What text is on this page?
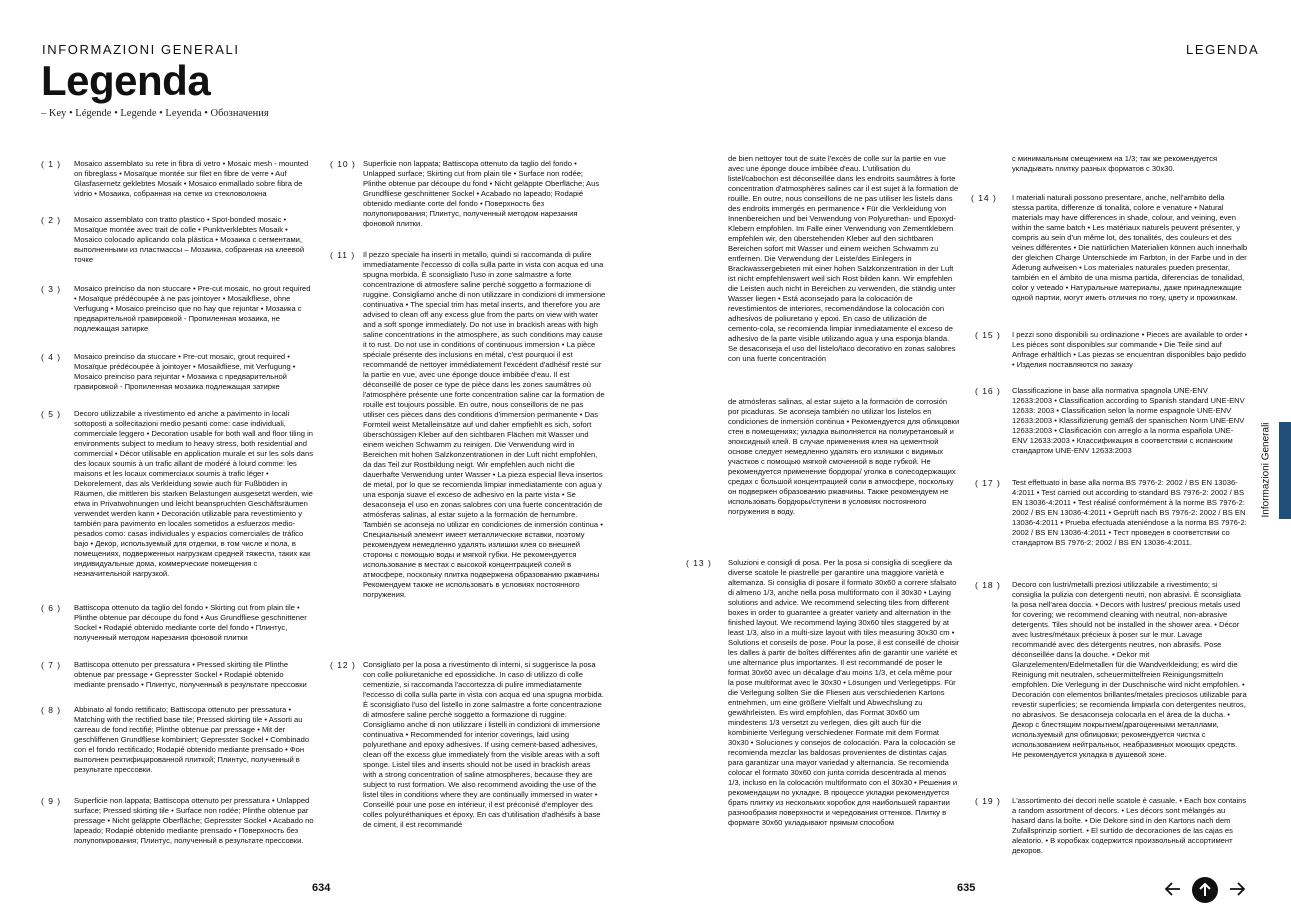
INFORMAZIONI GENERALI	LEGENDA
Legenda
– Key • Légende • Legende • Leyenda • Обозначения
( 1 ) Mosaico assemblato su rete in fibra di vetro • Mosaic mesh - mounted on fibreglass • Mosaïque montée sur filet en fibre de verre • Auf Glasfasernetz geklebtes Mosaik • Mosaico enmallado sobre fibra de vidrio • Мозаика, собранная на сетке из стекловолокна
( 2 ) Mosaico assemblato con tratto plastico • Spot-bonded mosaic • Mosaïque montée avec trait de colle • Punktverklebtes Mosaik • Mosaico colocado aplicando cola plástica • Мозаика с сегментами, выполненными из пластмассы – Мозаика, собранная на клеевой точке
( 3 ) Mosaico preinciso da non stuccare • Pre-cut mosaic, no grout required • Mosaïque prédécoupée à ne pas jointoyer • Mosaikfliese, ohne Verfugung • Mosaico preinciso que no hay que rejuntar • Мозаика с предварительной гравировкой - Пропиленная мозаика, не подлежащая затирке
( 4 ) Mosaico preinciso da stuccare • Pre-cut mosaic, grout required • Mosaïque prédécoupée à jointoyer • Mosaikfliese, mit Verfugung • Mosaico preinciso para rejuntar • Мозаика с предварительной гравировкой - Пропиленная мозаика подлежащая затирке
( 5 ) Decoro utilizzabile a rivestimento ed anche a pavimento in locali sottoposti a sollecitazioni medio pesanti come: case individuali, commerciale leggero • Decoration usable for both wall and floor tiling in environments subject to medium to heavy stress, both residential and commercial • Décor utilisable en application murale et sur les sols dans des locaux soumis à un trafic allant de modéré à lourd comme: les maisons et les locaux commerciaux soumis à trafic léger • Dekorelement, das als Verkleidung sowie auch für Fußböden in Räumen, die mittleren bis starken Belastungen ausgesetzt werden, wie etwa in Privatwohnungen und leicht beanspruchten Geschäftsräumen verwendet werden kann • Decoración utilizable para revestimiento y también para pavimento en locales sometidos a esfuerzos medio-pesados como: casas individuales y espacios comerciales de tráfico bajo • Декор, используемый для отделки, в том числе и пола, в помещениях, подверженных нагрузкам средней тяжести, таких как индивидуальные дома, коммерческие помещения с незначительной нагрузкой.
( 6 ) Battiscopa ottenuto da taglio del fondo • Skirting cut from plain tile • Plinthe obtenue par découpe du fond • Aus Grundfliese geschnittener Sockel • Rodapié obtenido mediante corte del fondo • Плинтус, полученный методом нарезания фоновой плитки
( 7 ) Battiscopa ottenuto per pressatura • Pressed skirting tile Plinthe obtenue par pressage • Gepresster Sockel • Rodapié obtenido mediante prensado • Плинтус, полученный в результате прессовки
( 8 ) Abbinato al fondo rettificato; Battiscopa ottenuto per pressatura • Matching with the rectified base tile; Pressed skirting tile • Assorti au carreau de fond rectifié; Plinthe obtenue par pressage • Mit der geschliffenen Grundfliese kombiniert; Gepresster Sockel • Combinado con el fondo rectificado; Rodapié obtenido mediante prensado • Фон выполнен ректифицированной плиткой; Плинтус, полученный в результате прессовки.
( 9 ) Superficie non lappata; Battiscopa ottenuto per pressatura • Unlapped surface; Pressed skirting tile • Surface non rodée; Plinthe obtenue par pressage • Nicht geläppte Oberfläche; Gepresster Sockel • Acabado no lapeado; Rodapié obtenido mediante prensado • Поверхность без полупопирования; Плинтус, полученный в результате прессовки.
( 10 ) Superficie non lappata; Battiscopa ottenuto da taglio del fondo • Unlapped surface; Skirting cut from plain tile • Surface non rodée; Plinthe obtenue par découpe du fond • Nicht geläppte Oberfläche; Aus Grundfliese geschnittener Sockel • Acabado no lapeado; Rodapié obtenido mediante corte del fondo • Поверхность без полупопирования; Плинтус, полученный методом нарезания фоновой плитки.
( 11 ) Il pezzo speciale ha inserti in metallo, quindi si raccomanda di pulire immediatamente l'eccesso di colla sulla parte in vista con acqua ed una spugna morbida. È sconsigliato l'uso in zone salmastre a forte concentrazione di atmosfere saline perchè soggetto a formazione di ruggine. Consigliamo anche di non utilizzare in condizioni di immersione continuativa • The special trim has metal inserts, and therefore you are advised to clean off any excess glue from the parts on view with water and a soft sponge immediately. Do not use in brackish areas with high saline concentrations in the atmosphere, as such conditions may cause it to rust. Do not use in conditions of continuous immersion • La pièce spéciale présente des inclusions en métal, c'est pourquoi il est recommandé de nettoyer immédiatement l'excédent d'adhésif resté sur la partie en vue, avec une éponge douce imbibée d'eau. Il est déconseillé de poser ce type de pièce dans les zones saumâtres où l'atmosphère présente une forte concentration saline car la formation de rouille est toujours possible. En outre, nous conseillons de ne pas utiliser ces pièces dans des conditions d'immersion permanente • Das Formteil weist Metalleinsätze auf und daher empfiehlt es sich, sofort überschüssigen Kleber auf den sichtbaren Flächen mit Wasser und einem weichen Schwamm zu reinigen. Die Verwendung wird in Bereichen mit hohen Salzkonzentrationen in der Luft nicht empfohlen, da das Teil zur Rostbildung neigt. Wir empfehlen auch nicht die dauerhafte Verwendung unter Wasser • La pieza especial lleva insertos de metal, por lo que se recomienda limpiar inmediatamente con agua y una esponja suave el exceso de adhesivo en la parte vista • Se desaconseja el uso en zonas salobres con una fuerte concentración de atmósferas salinas, al estar sujeto a la formación de herrumbre. También se aconseja no utilizar en condiciones de inmersión continua • Специальный элемент имеет металлические вставки, поэтому рекомендуем немедленно удалять излишки клея со внешней стороны с помощью воды и мягкой губки. Не рекомендуется использование в местах с высокой концентрацией солей в атмосфере, поскольку плитка подвержена образованию ржавчины Рекомендуем также не использовать в условиях постоянного погружения.
( 12 ) Consigliato per la posa a rivestimento di interni, si suggerisce la posa con colle poliuretaniche ed epossidiche. In caso di utilizzo di colle cementizie, si raccomanda l'accortezza di pulire immediatamente l'eccesso di colla sulla parte in vista con acqua ed una spugna morbida. È sconsigliato l'uso del listello in zone salmastre a forte concentrazione di atmosfere saline perchè soggetto a formazione di ruggine. Consigliamo anche di non utilizzare i listelli in condizioni di immersione continuativa • Recommended for interior coverings, laid using polyurethane and epoxy adhesives. If using cement-based adhesives, clean off the excess glue immediately from the visible areas with a soft sponge. Listel tiles and inserts should not be used in brackish areas with a strong concentration of saline atmospheres, because they are subject to rust formation. We also recommend avoiding the use of the listel tiles in conditions where they are continually immersed in water • Conseillé pour une pose en intérieur, il est préconisé d'employer des colles polyuréthaniques et époxy. En cas d'utilisation d'adhésifs à base de ciment, il est recommandé
de bien nettoyer tout de suite l'excès de colle sur la partie en vue avec une éponge douce imbibée d'eau. L'utilisation du listel/cabochon est déconseillée dans les endroits saumâtres à forte concentration d'atmosphères salines car il est sujet à la formation de rouille. En outre, nous conseillons de ne pas utiliser les listels dans des endroits immergés en permanence • Für die Verkleidung von Innenbereichen und bei Verwendung von Polyurethan- und Epoxyd-Klebern empfohlen. Im Falle einer Verwendung von Zementklebern empfehlen wir, den überstehenden Kleber auf den sichtbaren Bereichen sofort mit Wasser und einem weichen Schwamm zu entfernen. Die Verwendung der Leiste/des Einlegers in Brackwassergebieten mit einer hohen Salzkonzentration in der Luft ist nicht empfehlenswert weil sich Rost bilden kann. Wir empfehlen die Leisten auch nicht in Bereichen zu verwenden, die ständig unter Wasser liegen • Está aconsejado para la colocación de revestimientos de interiores, recomendándose la colocación con adhesivos de poliuretano y epoxi. En caso de utilización de cemento-cola, se recomienda limpiar inmediatamente el exceso de adhesivo de la parte visible utilizando agua y una esponja blanda. Se desaconseja el uso del listelo/taco decorativo en zonas salobres con una fuerte concentración
de atmósferas salinas, al estar sujeto a la formación de corrosión por picaduras. Se aconseja también no utilizar los listelos en condiciones de inmersión continua • Рекомендуется для облицовки стен в помещениях; укладка выполняется на полиуретановый и эпоксидный клей. В случае применения клея на цементной основе следует немедленно удалять его излишки с видимых участков с помощью мягкой смоченной в воде губкой. Не рекомендуется применение бордюра/ уголка в солесодержащих средах с большой концентрацией соли в атмосфере, поскольку он подвержен образованию ржавчины. Также рекомендуем не использовать бордюры/ступени в условиях постоянного погружения в воду.
( 13 ) Soluzioni e consigli di posa. Per la posa si consiglia di scegliere da diverse scatole le piastrelle per garantire una maggiore varietà e alternanza. Si consiglia di posare il formato 30x60 a correre sfalsato di almeno 1/3, anche nella posa multiformato con il 30x30 • Laying solutions and advice. We recommend selecting tiles from different boxes in order to guarantee a greater variety and alternation in the finished layout. We recommend laying 30x60 tiles staggered by at least 1/3, also in a multi-size layout with tiles measuring 30x30 cm • Solutions et conseils de pose. Pour la pose, il est conseillé de choisir les dalles à partir de boîtes différentes afin de garantir une variété et une alternance plus importantes. Il est recommandé de poser le format 30x60 avec un décalage d'au moins 1/3, et cela même pour la pose multiformat avec le 30x30 • Lösungen und Verlegetipps. Für die Verlegung sollten Sie die Fliesen aus verschiedenen Kartons entnehmen, um eine größere Vielfalt und Abwechslung zu gewährleisten. Es wird empfohlen, das Format 30x60 um mindestens 1/3 versetzt zu verlegen, dies gilt auch für die kombinierte Verlegung verschiedener Formate mit dem Format 30x30 • Soluciones y consejos de colocación. Para la colocación se recomienda mezclar las baldosas provenientes de distintas cajas para garantizar una mayor variedad y alternancia. Se recomienda colocar el formato 30x60 con junta corrida descentrada al menos 1/3, incluso en la colocación multiformato con el 30x30 • Решения и рекомендации по укладке. В процессе укладки рекомендуется брать плитку из нескольких коробок для наибольшей гарантии разнообразия поверхности и чередования оттенков. Плитку в формате 30x60 укладывают прямым способом
с минимальным смещением на 1/3; так же рекомендуется укладывать плитку разных форматов с 30x30.
( 14 ) I materiali naturali possono presentare, anche, nell'ambito della stessa partita, differenze di tonalità, colore e venature • Natural materials may have differences in shade, colour, and veining, even within the same batch • Les matériaux naturels peuvent présenter, y compris au sein d'un même lot, des tonalités, des couleurs et des veines différentes • Die natürlichen Materialien können auch innerhalb der gleichen Charge Unterschiede im Farbton, in der Farbe und in der Äderung aufweisen • Los materiales naturales pueden presentar, también en el ámbito de una misma partida, diferencias de tonalidad, color y veteado • Натуральные материалы, даже принадлежащие одной партии, могут иметь отличия по тону, цвету и прожилкам.
( 15 ) I pezzi sono disponibili su ordinazione • Pieces are available to order • Les pièces sont disponibles sur commande • Die Teile sind auf Anfrage erhältlich • Las piezas se encuentran disponibles bajo pedido • Изделия поставляются по заказу
( 16 ) Classificazione in base alla normativa spagnola UNE-ENV 12633:2003 • Classification according to Spanish standard UNE-ENV 12633: 2003 • Classification selon la norme espagnole UNE-ENV 12633:2003 • Klassifizierung gemäß der spanischen Norm UNE-ENV 12633:2003 • Clasificación con arreglo a la norma española UNE-ENV 12633:2003 • Классификация в соответствии с испанским стандартом UNE-ENV 12633:2003
( 17 ) Test effettuato in base alla norma BS 7976-2: 2002 / BS EN 13036-4:2011 • Test carried out according to standard BS 7976-2: 2002 / BS EN 13036-4:2011 • Test réalisé conformément à la norme BS 7976-2: 2002 / BS EN 13036-4:2011 • Geprüft nach BS 7976-2: 2002 / BS EN 13036-4:2011 • Prueba efectuada ateniéndose a la norma BS 7976-2: 2002 / BS EN 13036-4:2011 • Тест проведен в соответствии со стандартом BS 7976-2: 2002 / BS EN 13036-4:2011.
( 18 ) Decoro con lustri/metalli preziosi utilizzabile a rivestimento; si consiglia la pulizia con detergenti neutri, non abrasivi. È sconsigliata la posa nell'area doccia. • Decors with lustres/ precious metals used for covering; we recommend cleaning with neutral, non-abrasive detergents. Tiles should not be installed in the shower area. • Décor avec lustres/métaux précieux à poser sur le mur. Lavage recommandé avec des détergents neutres, non abrasifs. Pose déconseillée dans la douche. • Dekor mit Glanzelementen/Edelmetallen für die Wandverkleidung; es wird die Reinigung mit neutralen, scheuermittelfreien Reinigungsmitteln empfohlen. Die Verlegung in der Duschnische wird nicht empfohlen. • Decoración con elementos brillantes/metales preciosos utilizable para revestir superficies; se recomienda limpiarla con detergentes neutros, no abrasivos. Se desaconseja colocarla en el área de la ducha. • Декор с блестящим покрытием/драгоценными металлами, используемый для облицовки; рекомендуется чистка с использованием нейтральных, неабразивных моющих средств. Не рекомендуется укладка в душевой зоне.
( 19 ) L'assortimento dei decori nelle scatole è casuale. • Each box contains a random assortment of decors. • Les décors sont mélangés au hasard dans la boîte. • Die Dekore sind in den Kartons nach dem Zufallsprinzip sortiert. • El surtido de decoraciones de las cajas es aleatorio. • В коробках содержится произвольный ассортимент декоров.
Informazioni Generali
634	635
